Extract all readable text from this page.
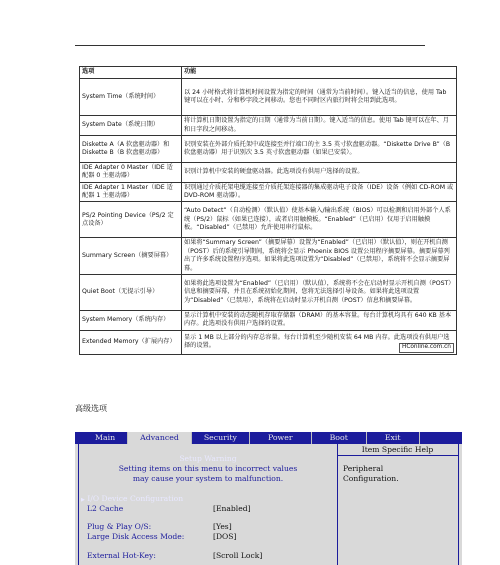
选项	功能
System Time（系统时间）	以 24 小时格式将计算机时间设置为指定的时间（通常为当前时间）。键入适当的信息，使用 Tab 键可以在小时、分和秒字段之间移动。您也不同时区内旅行时将会用到此选项。
System Date（系统日期）	将计算机日期设置为指定的日期（通常为当前日期）。键入适当的信息。使用 Tab 键可以在年、月和日字段之间移动。
Diskette A（A 软盘驱动器）和 Diskette B（B 软盘驱动器）	识别安装在外部介质托架中或连接至并行端口的主 3.5 英寸软盘驱动器。“Diskette Drive B”（B 软盘驱动器）用于识别次 3.5 英寸软盘驱动器（如果已安装）。
IDE Adapter 0 Master（IDE 适配器 0 主驱动器）	识别计算机中安装的硬盘驱动器。此选项没有供用户选择的设置。
IDE Adapter 1 Master（IDE 适配器 1 主驱动器）	识别通过介质托架电缆连接至介质托架连接器的集成驱动电子设备（IDE）设备（例如 CD-ROM 或 DVD-ROM 驱动器）。
PS/2 Pointing Device（PS/2 定点设备）	“Auto Detect”（自动检测）（默认值）使基本输入/输出系统（BIOS）可以检测和启用外部个人系统（PS/2）鼠标（如果已连接），或者启用触摸板。“Enabled”（已启用）仅用于启用触摸板。“Disabled”（已禁用）允许使用串行鼠标。
Summary Screen（摘要屏幕）	如果将“Summary Screen”（摘要屏幕）设置为“Enabled”（已启用）（默认值），则在开机自测（POST）后的系统引导期间，系统将会显示 Phoenix BIOS 设置公用程序摘要屏幕。摘要屏幕列出了许多系统设置程序选项。如果将此选项设置为“Disabled”（已禁用），系统将不会显示摘要屏幕。
Quiet Boot（无提示引导）	如果将此选项设置为“Enabled”（已启用）（默认值），系统将不会在启动时显示开机自测（POST）信息和摘要屏幕，并且在系统初始化期间，您将无法选择引导设备。如果将此选项设置为“Disabled”（已禁用），系统将在启动时显示开机自测（POST）信息和摘要屏幕。
System Memory（系统内存）	显示计算机中安装的动态随机存取存储器（DRAM）的基本容量。每台计算机均具有 640 KB 基本内存。此选项没有供用户选择的设置。
Extended Memory（扩展内存）	显示 1 MB 以上部分的内存总容量。每台计算机至少随机安装 64 MB 内存。此选项没有供用户选择的设置。 HConline.com.cn
高级选项
Main	Advanced	Security	Power	Boot	Exit
Item Specific Help
Peripheral
Configuration.
Setup Warning
Setting items on this menu to incorrect values
may cause your system to malfunction.
▶ I/O Device Configuration
L2 Cache	[Enabled]
Plug & Play O/S:	[Yes]
Large Disk Access Mode:	[DOS]
External Hot-Key:	[Scroll Lock]
